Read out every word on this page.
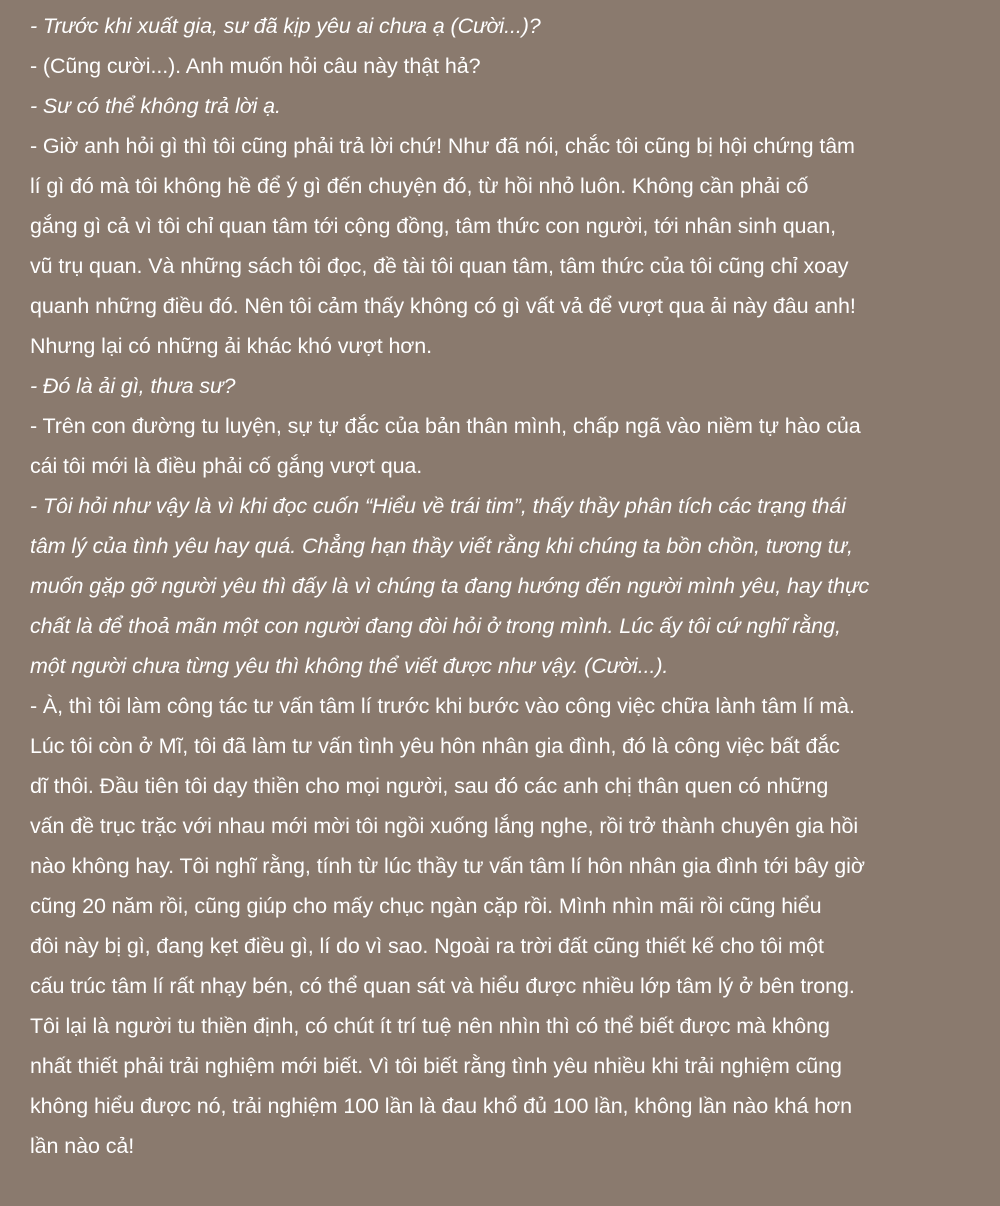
- Trước khi xuất gia, sư đã kịp yêu ai chưa ạ (Cười...)?
- (Cũng cười...). Anh muốn hỏi câu này thật hả?
- Sư có thể không trả lời ạ.
- Giờ anh hỏi gì thì tôi cũng phải trả lời chứ! Như đã nói, chắc tôi cũng bị hội chứng tâm
lí gì đó mà tôi không hề để ý gì đến chuyện đó, từ hồi nhỏ luôn. Không cần phải cố
gắng gì cả vì tôi chỉ quan tâm tới cộng đồng, tâm thức con người, tới nhân sinh quan,
vũ trụ quan. Và những sách tôi đọc, đề tài tôi quan tâm, tâm thức của tôi cũng chỉ xoay
quanh những điều đó. Nên tôi cảm thấy không có gì vất vả để vượt qua ải này đâu anh!
Nhưng lại có những ải khác khó vượt hơn.
- Đó là ải gì, thưa sư?
- Trên con đường tu luyện, sự tự đắc của bản thân mình, chấp ngã vào niềm tự hào của
cái tôi mới là điều phải cố gắng vượt qua.
- Tôi hỏi như vậy là vì khi đọc cuốn “Hiểu về trái tim”, thấy thầy phân tích các trạng thái
tâm lý của tình yêu hay quá. Chẳng hạn thầy viết rằng khi chúng ta bồn chồn, tương tư,
muốn gặp gỡ người yêu thì đấy là vì chúng ta đang hướng đến người mình yêu, hay thực
chất là để thoả mãn một con người đang đòi hỏi ở trong mình. Lúc ấy tôi cứ nghĩ rằng,
một người chưa từng yêu thì không thể viết được như vậy. (Cười...).
- À, thì tôi làm công tác tư vấn tâm lí trước khi bước vào công việc chữa lành tâm lí mà.
Lúc tôi còn ở Mĩ, tôi đã làm tư vấn tình yêu hôn nhân gia đình, đó là công việc bất đắc
dĩ thôi. Đầu tiên tôi dạy thiền cho mọi người, sau đó các anh chị thân quen có những
vấn đề trục trặc với nhau mới mời tôi ngồi xuống lắng nghe, rồi trở thành chuyên gia hồi
nào không hay. Tôi nghĩ rằng, tính từ lúc thầy tư vấn tâm lí hôn nhân gia đình tới bây giờ
cũng 20 năm rồi, cũng giúp cho mấy chục ngàn cặp rồi. Mình nhìn mãi rồi cũng hiểu
đôi này bị gì, đang kẹt điều gì, lí do vì sao. Ngoài ra trời đất cũng thiết kế cho tôi một
cấu trúc tâm lí rất nhạy bén, có thể quan sát và hiểu được nhiều lớp tâm lý ở bên trong.
Tôi lại là người tu thiền định, có chút ít trí tuệ nên nhìn thì có thể biết được mà không
nhất thiết phải trải nghiệm mới biết. Vì tôi biết rằng tình yêu nhiều khi trải nghiệm cũng
không hiểu được nó, trải nghiệm 100 lần là đau khổ đủ 100 lần, không lần nào khá hơn
lần nào cả!
